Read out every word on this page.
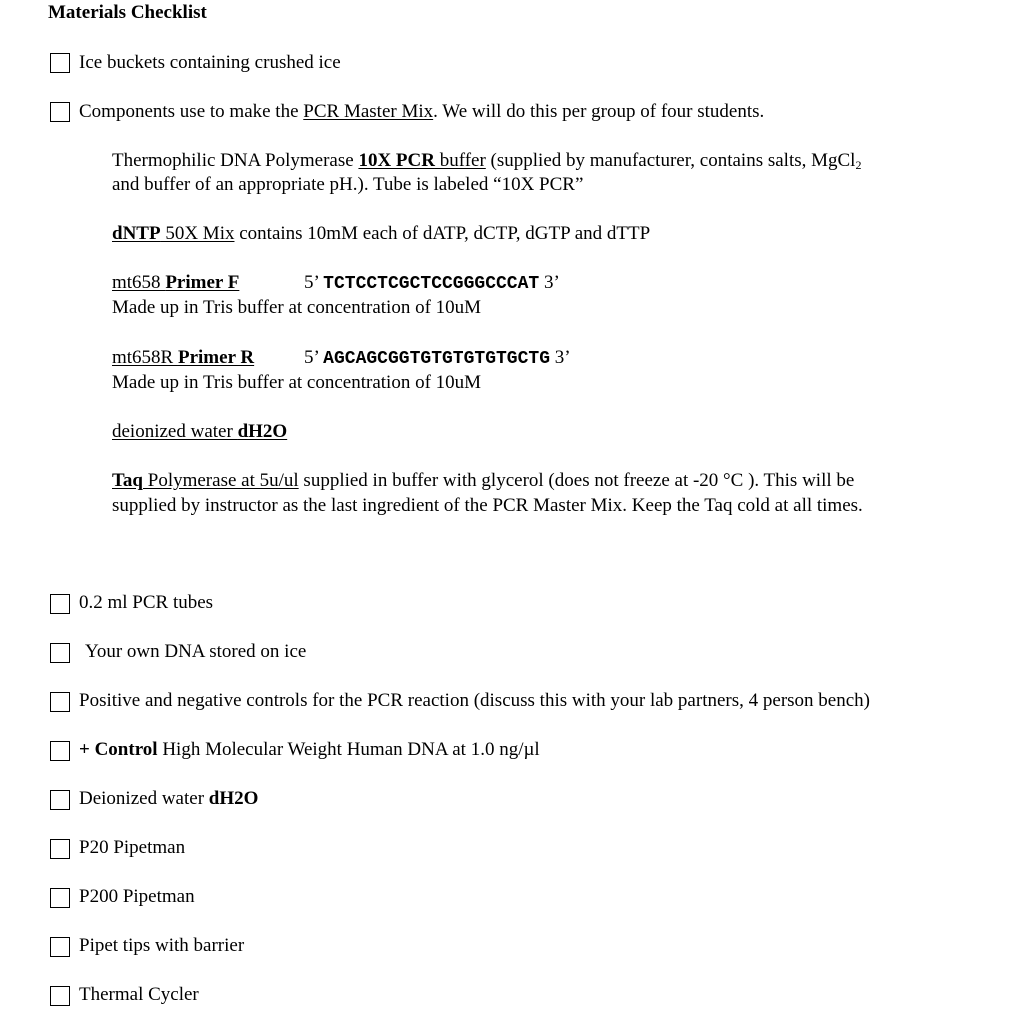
Materials Checklist
Ice buckets containing crushed ice
Components use to make the PCR Master Mix. We will do this per group of four students.
Thermophilic DNA Polymerase 10X PCR buffer (supplied by manufacturer, contains salts, MgCl$_2$
and buffer of an appropriate pH.). Tube is labeled “10X PCR”
dNTP 50X Mix contains 10mM each of dATP, dCTP, dGTP and dTTP
mt658 Primer F	5’ TCTCCTCGCTCCGGGCCCAT 3’
Made up in Tris buffer at concentration of 10uM
mt658R Primer R	5’ AGCAGCGGTGTGTGTGTGCTG 3’
Made up in Tris buffer at concentration of 10uM
deionized water dH2O
Taq Polymerase at 5u/ul supplied in buffer with glycerol (does not freeze at -20 °C ). This will be
supplied by instructor as the last ingredient of the PCR Master Mix. Keep the Taq cold at all times.
0.2 ml PCR tubes
Your own DNA stored on ice
Positive and negative controls for the PCR reaction (discuss this with your lab partners, 4 person bench)
+ Control High Molecular Weight Human DNA at 1.0 ng/µl
Deionized water dH2O
P20 Pipetman
P200 Pipetman
Pipet tips with barrier
Thermal Cycler
